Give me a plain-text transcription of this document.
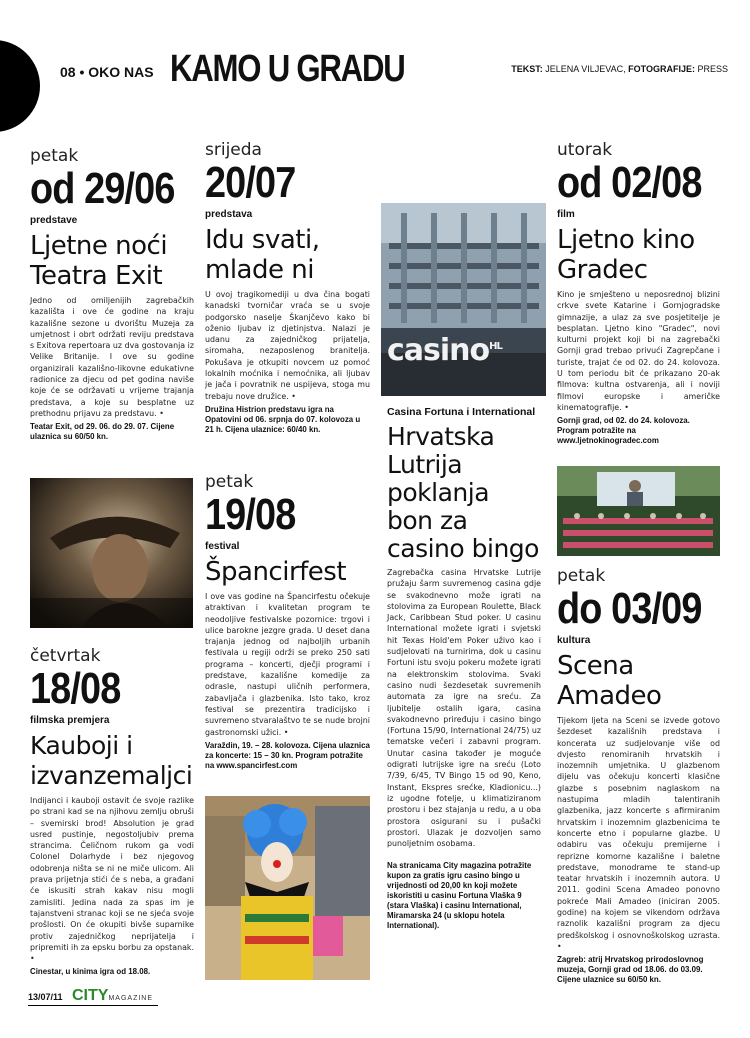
08 • OKO NAS KAMO U GRADU	TEKST: JELENA VILJEVAC, FOTOGRAFIJE: PRESS
petak
od 29/06
predstave
Ljetne noći Teatra Exit
Jedno od omiljenijih zagrebačkih kazališta i ove će godine na kraju kazališne sezone u dvorištu Muzeja za umjetnost i obrt održati reviju predstava s Exitova repertoara uz dva gostovanja iz Velike Britanije. I ove su godine organizirali kazališno-likovne edukativne radionice za djecu od pet godina naviše koje će se održavati u vrijeme trajanja predstava, a koje su besplatne uz prethodnu prijavu za predstavu. •
Teatar Exit, od 29. 06. do 29. 07. Cijene ulaznica su 60/50 kn.
četvrtak
18/08
filmska premjera
Kauboji i izvanzemaljci
Indijanci i kauboji ostavit će svoje razlike po strani kad se na njihovu zemlju obruši – svemirski brod! Absolution je grad usred pustinje, negostoljubiv prema strancima. Čeličnom rukom ga vodi Colonel Dolarhyde i bez njegovog odobrenja ništa se ni ne miče ulicom. Ali prava prijetnja stići će s neba, a građani će iskusiti strah kakav nisu mogli zamisliti. Jedina nada za spas im je tajanstveni stranac koji se ne sjeća svoje prošlosti. On će okupiti bivše suparnike protiv zajedničkog neprijatelja i pripremiti ih za epsku borbu za opstanak. •
Cinestar, u kinima igra od 18.08.
srijeda
20/07
predstava
Idu svati, mlade ni
U ovoj tragikomediji u dva čina bogati kanadski tvorničar vraća se u svoje podgorsko naselje Škanjčevo kako bi oženio ljubav iz djetinjstva. Nalazi je udanu za zajedničkog prijatelja, siromaha, nezaposlenog branitelja. Pokušava je otkupiti novcem uz pomoć lokalnih moćnika i nemoćnika, ali ljubav je jača i povratnik ne uspijeva, stoga mu trebaju nove družice. •
Družina Histrion predstavu igra na Opatovini od 06. srpnja do 07. kolovoza u 21 h. Cijena ulaznice: 60/40 kn.
petak
19/08
festival
Špancirfest
I ove vas godine na Špancirfestu očekuje atraktivan i kvalitetan program te neodoljive festivalske pozornice: trgovi i ulice barokne jezgre grada. U deset dana trajanja jednog od najboljih urbanih festivala u regiji održi se preko 250 sati programa – koncerti, dječji programi i predstave, kazališne komedije za odrasle, nastupi uličnih performera, zabavljača i glazbenika. Isto tako, kroz festival se prezentira tradicijsko i suvremeno stvaralaštvo te se nude brojni gastronomski užici. •
Varaždin, 19. – 28. kolovoza. Cijena ulaznica za koncerte: 15 – 30 kn. Program potražite na www.spancirfest.com
casino$^{HL}$
Casina Fortuna i International
Hrvatska Lutrija poklanja bon za casino bingo
Zagrebačka casina Hrvatske Lutrije pružaju šarm suvremenog casina gdje se svakodnevno može igrati na stolovima za European Roulette, Black Jack, Caribbean Stud poker. U casinu International možete igrati i svjetski hit Texas Hold'em Poker uživo kao i sudjelovati na turnirima, dok u casinu Fortuni istu svoju pokeru možete igrati na elektronskim stolovima. Svaki casino nudi šezdesetak suvremenih automata za igre na sreću. Za ljubitelje ostalih igara, casina svakodnevno priređuju i casino bingo (Fortuna 15/90, International 24/75) uz tematske večeri i zabavni program. Unutar casina također je moguće odigrati lutrijske igre na sreću (Loto 7/39, 6/45, TV Bingo 15 od 90, Keno, Instant, Ekspres srećke, Kladionicu...) iz ugodne fotelje, u klimatiziranom prostoru i bez stajanja u redu, a u oba prostora osigurani su i pušački prostori. Ulazak je dozvoljen samo punoljetnim osobama.
Na stranicama City magazina potražite kupon za gratis igru casino bingo u vrijednosti od 20,00 kn koji možete iskoristiti u casinu Fortuna Vlaška 9 (stara Vlaška) i casinu International, Miramarska 24 (u sklopu hotela International).
utorak
od 02/08
film
Ljetno kino Gradec
Kino je smješteno u neposrednoj blizini crkve svete Katarine i Gornjogradske gimnazije, a ulaz za sve posjetitelje je besplatan. Ljetno kino "Gradec", novi kulturni projekt koji bi na zagrebački Gornji grad trebao privući Zagrepčane i turiste, trajat će od 02. do 24. kolovoza. U tom periodu bit će prikazano 20-ak filmova: kultna ostvarenja, ali i noviji filmovi europske i američke kinematografije. •
Gornji grad, od 02. do 24. kolovoza. Program potražite na www.ljetnokinogradec.com
petak
do 03/09
kultura
Scena Amadeo
Tijekom ljeta na Sceni se izvede gotovo šezdeset kazališnih predstava i koncerata uz sudjelovanje više od dvjesto renomiranih hrvatskih i inozemnih umjetnika. U glazbenom dijelu vas očekuju koncerti klasične glazbe s posebnim naglaskom na nastupima mladih talentiranih glazbenika, jazz koncerte s afirmiranim hrvatskim i inozemnim glazbenicima te koncerte etno i popularne glazbe. U odabiru vas očekuju premijerne i reprizne komorne kazališne i baletne predstave, monodrame te stand-up teatar hrvatskih i inozemnih autora. U 2011. godini Scena Amadeo ponovno pokreće Mali Amadeo (iniciran 2005. godine) na kojem se vikendom održava raznolik kazališni program za djecu predškolskog i osnovnoškolskog uzrasta. •
Zagreb: atrij Hrvatskog prirodoslovnog muzeja, Gornji grad od 18.06. do 03.09. Cijene ulaznice su 60/50 kn.
13/07/11 CITYMAGAZINE
